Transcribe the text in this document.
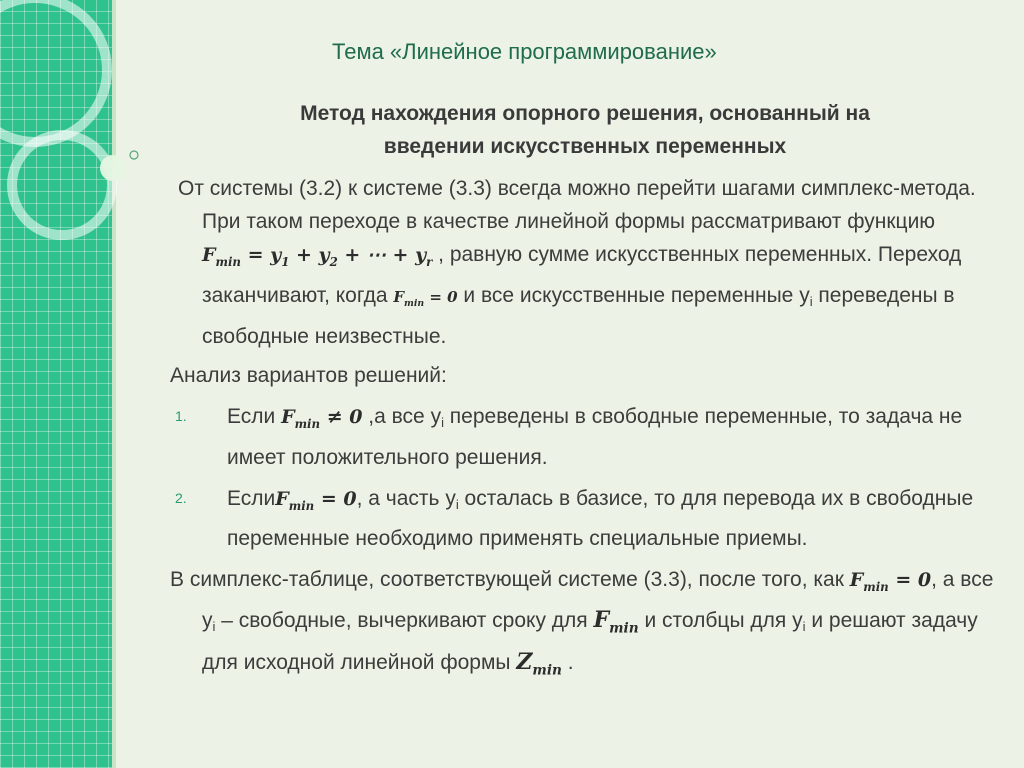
Тема «Линейное программирование»
Метод нахождения опорного решения, основанный на
введении искусственных переменных
От системы (3.2) к системе (3.3) всегда можно перейти шагами симплекс-метода. При таком переходе в качестве линейной формы рассматривают функцию $F_{min} = y_1 + y_2$ + ⋯ + $y_r$ , равную сумме искусственных переменных. Переход заканчивают, когда $F_{min} = 0$ и все искусственные переменные yi переведены в свободные неизвестные.
Анализ вариантов решений:
1. Если $F_{min} \ne 0$ ,а все yi переведены в свободные переменные, то задача не имеет положительного решения.
2. ЕслиF$_{min}$ = 0, а часть yi осталась в базисе, то для перевода их в свободные переменные необходимо применять специальные приемы.
В симплекс-таблице, соответствующей системе (3.3), после того, как $F_{min} = 0$, а все yi – свободные, вычеркивают сроку для $F_{min}$ и столбцы для yi и решают задачу для исходной линейной формы $Z_{min}$ .
